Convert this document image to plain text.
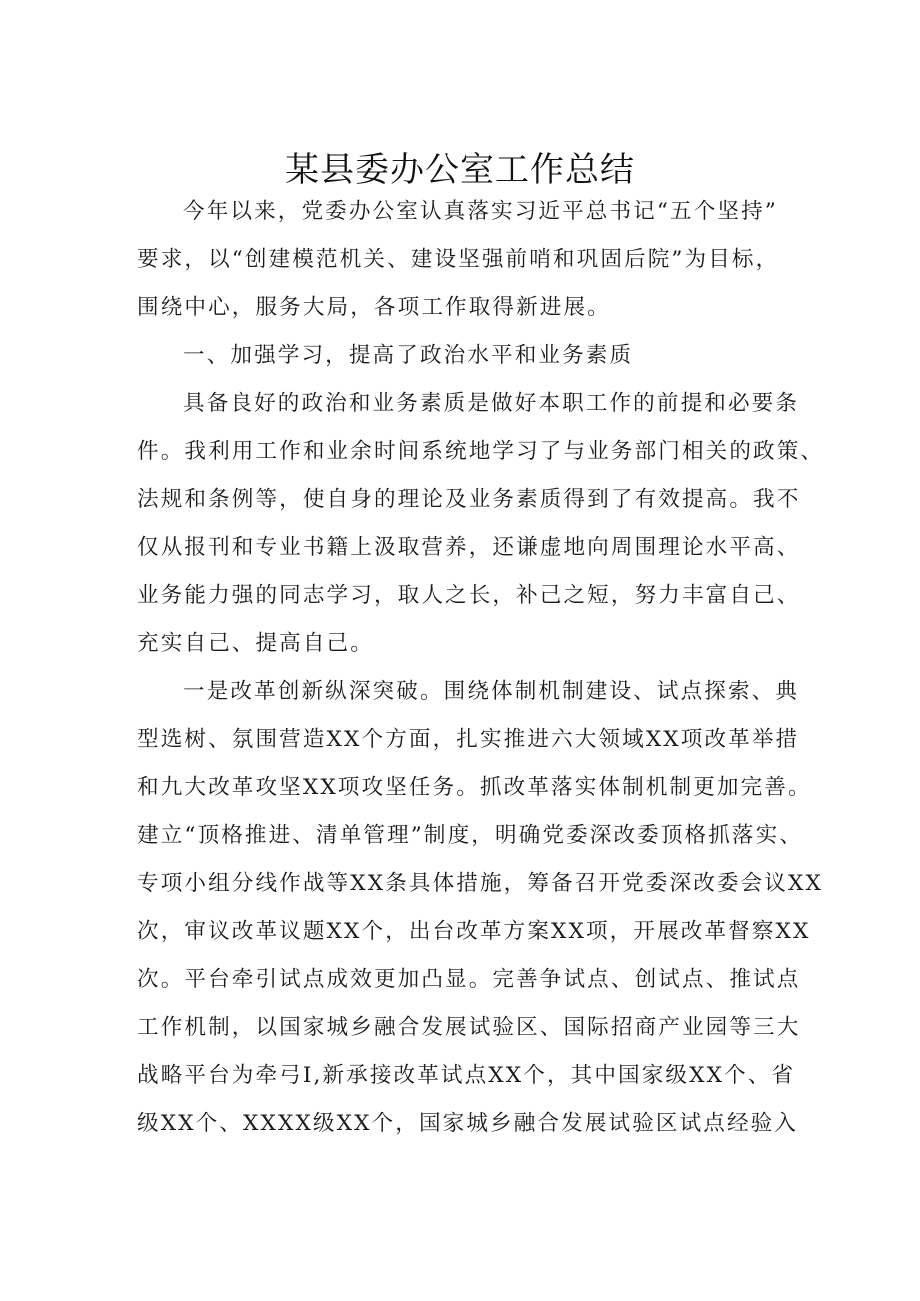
某县委办公室工作总结
今年以来，党委办公室认真落实习近平总书记“五个坚持”
要求，以“创建模范机关、建设坚强前哨和巩固后院”为目标，
围绕中心，服务大局，各项工作取得新进展。
一、加强学习，提高了政治水平和业务素质
具备良好的政治和业务素质是做好本职工作的前提和必要条
件。我利用工作和业余时间系统地学习了与业务部门相关的政策、
法规和条例等，使自身的理论及业务素质得到了有效提高。我不
仅从报刊和专业书籍上汲取营养，还谦虚地向周围理论水平高、
业务能力强的同志学习，取人之长，补己之短，努力丰富自己、
充实自己、提高自己。
一是改革创新纵深突破。围绕体制机制建设、试点探索、典
型选树、氛围营造XX个方面，扎实推进六大领域XX项改革举措
和九大改革攻坚XX项攻坚任务。抓改革落实体制机制更加完善。
建立“顶格推进、清单管理”制度，明确党委深改委顶格抓落实、
专项小组分线作战等XX条具体措施，筹备召开党委深改委会议XX
次，审议改革议题XX个，出台改革方案XX项，开展改革督察XX
次。平台牵引试点成效更加凸显。完善争试点、创试点、推试点
工作机制，以国家城乡融合发展试验区、国际招商产业园等三大
战略平台为牵弓I,新承接改革试点XX个，其中国家级XX个、省
级XX个、XXXX级XX个，国家城乡融合发展试验区试点经验入
